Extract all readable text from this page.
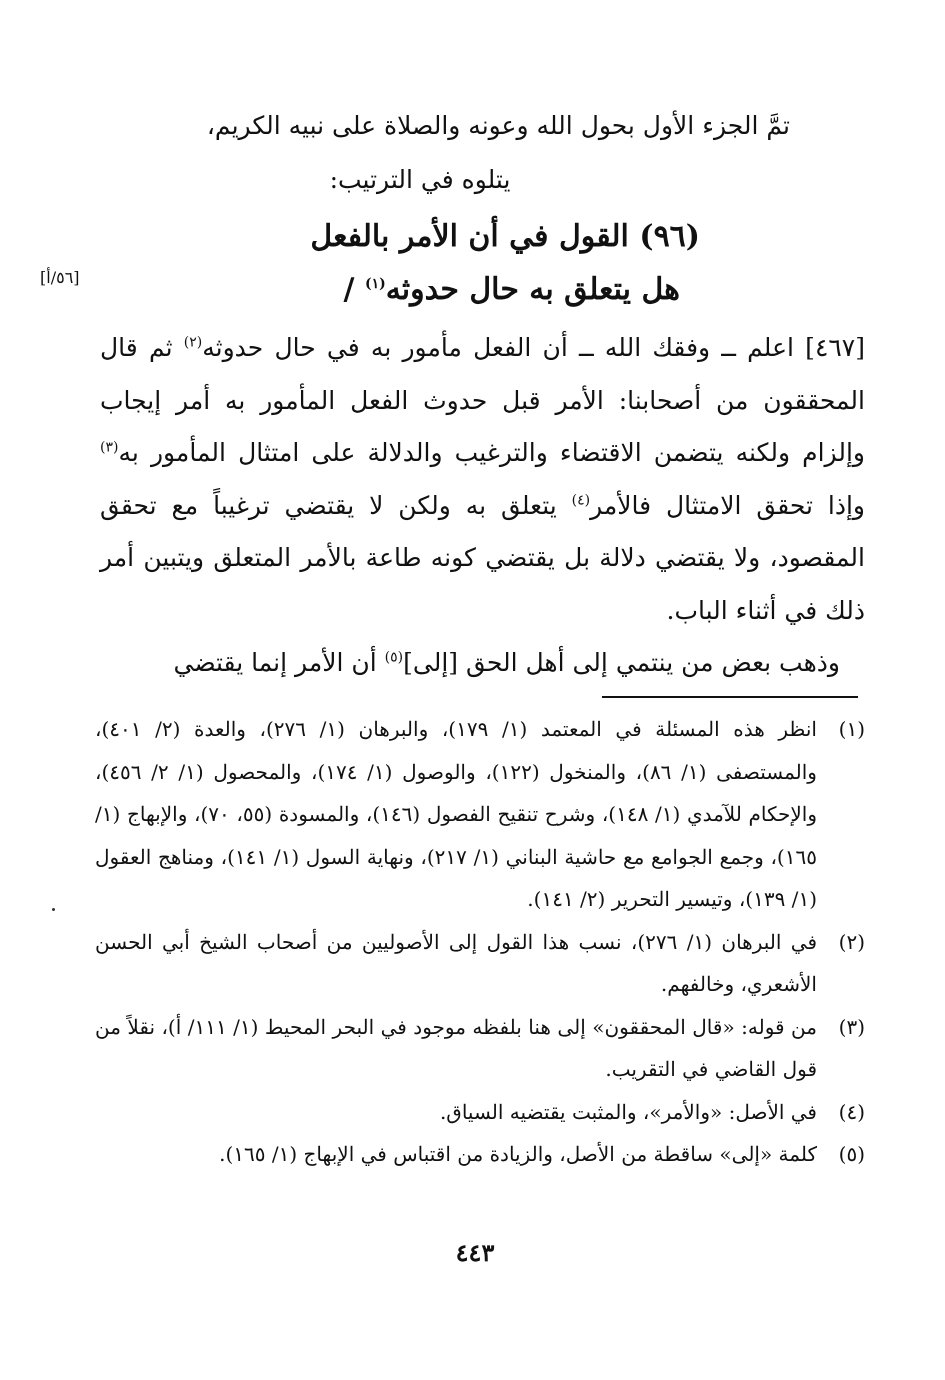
تمَّ الجزء الأول بحول الله وعونه والصلاة على نبيه الكريم،
يتلوه في الترتيب:
(٩٦) القول في أن الأمر بالفعل
هل يتعلق به حال حدوثه$^{(١)}$ /
[٥٦/أ]

[٤٦٧] اعلم ــ وفقك الله ــ أن الفعل مأمور به في حال حدوثه$^{(٢)}$ ثم قال المحققون من أصحابنا: الأمر قبل حدوث الفعل المأمور به أمر إيجاب وإلزام ولكنه يتضمن الاقتضاء والترغيب والدلالة على امتثال المأمور به$^{(٣)}$ وإذا تحقق الامتثال فالأمر$^{(٤)}$ يتعلق به ولكن لا يقتضي ترغيباً مع تحقق المقصود، ولا يقتضي دلالة بل يقتضي كونه طاعة بالأمر المتعلق ويتبين أمر ذلك في أثناء الباب.

 وذهب بعض من ينتمي إلى أهل الحق [إلى]$^{(٥)}$ أن الأمر إنما يقتضي

(١)
انظر هذه المسئلة في المعتمد (١/ ١٧٩)، والبرهان (١/ ٢٧٦)، والعدة (٢/ ٤٠١)، والمستصفى (١/ ٨٦)، والمنخول (١٢٢)، والوصول (١/ ١٧٤)، والمحصول (١/ ٢/ ٤٥٦)، والإحكام للآمدي (١/ ١٤٨)، وشرح تنقيح الفصول (١٤٦)، والمسودة (٥٥، ٧٠)، والإبهاج (١/ ١٦٥)، وجمع الجوامع مع حاشية البناني (١/ ٢١٧)، ونهاية السول (١/ ١٤١)، ومناهج العقول (١/ ١٣٩)، وتيسير التحرير (٢/ ١٤١).
(٢)
في البرهان (١/ ٢٧٦)، نسب هذا القول إلى الأصوليين من أصحاب الشيخ أبي الحسن الأشعري، وخالفهم.
(٣)
من قوله: «قال المحققون» إلى هنا بلفظه موجود في البحر المحيط (١/ ١١١/ أ)، نقلاً من قول القاضي في التقريب.
(٤)
في الأصل: «والأمر»، والمثبت يقتضيه السياق.
(٥)
كلمة «إلى» ساقطة من الأصل، والزيادة من اقتباس في الإبهاج (١/ ١٦٥).
٤٤٣
